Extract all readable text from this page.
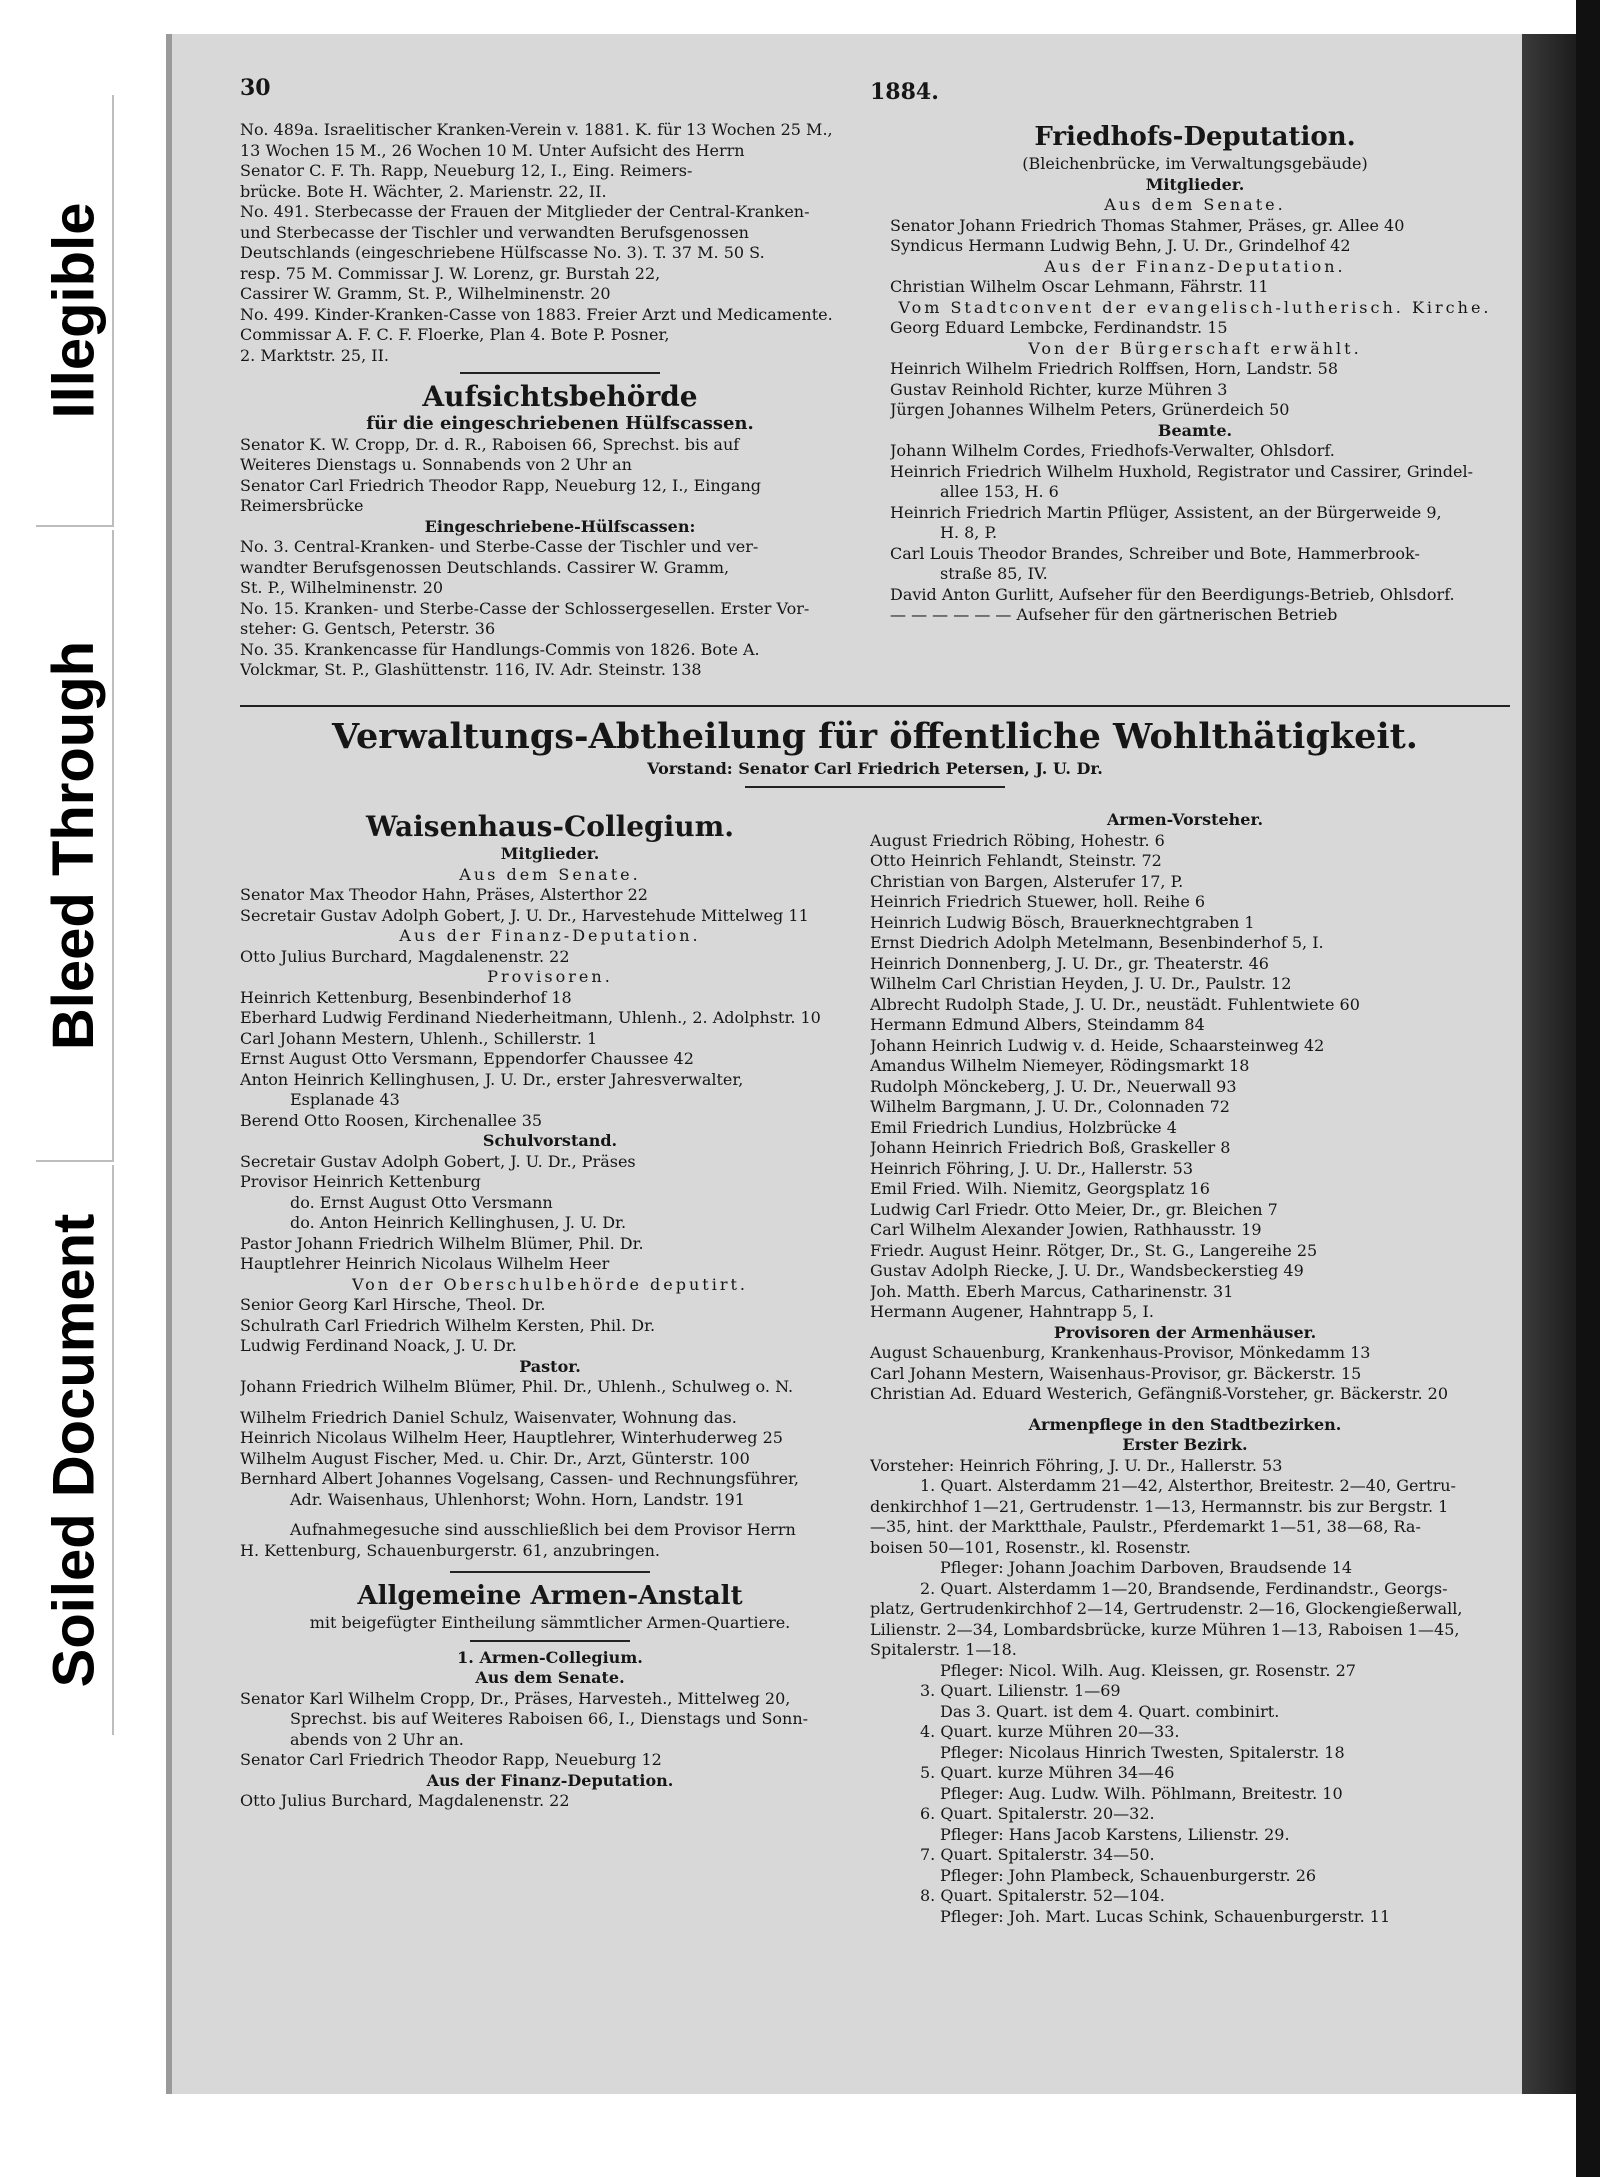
Illegible
Bleed Through
Soiled Document
30	1884.

No. 489a. Israelitischer Kranken-Verein v. 1881. K. für 13 Wochen 25 M.,

13 Wochen 15 M., 26 Wochen 10 M. Unter Aufsicht des Herrn

Senator C. F. Th. Rapp, Neueburg 12, I., Eing. Reimers-

brücke. Bote H. Wächter, 2. Marienstr. 22, II.

No. 491. Sterbecasse der Frauen der Mitglieder der Central-Kranken-

und Sterbecasse der Tischler und verwandten Berufsgenossen

Deutschlands (eingeschriebene Hülfscasse No. 3). T. 37 M. 50 S.

resp. 75 M. Commissar J. W. Lorenz, gr. Burstah 22,

Cassirer W. Gramm, St. P., Wilhelminenstr. 20

No. 499. Kinder-Kranken-Casse von 1883. Freier Arzt und Medicamente.

Commissar A. F. C. F. Floerke, Plan 4. Bote P. Posner,

2. Marktstr. 25, II.

Aufsichtsbehörde

für die eingeschriebenen Hülfscassen.

Senator K. W. Cropp, Dr. d. R., Raboisen 66, Sprechst. bis auf

Weiteres Dienstags u. Sonnabends von 2 Uhr an

Senator Carl Friedrich Theodor Rapp, Neueburg 12, I., Eingang

Reimersbrücke

Eingeschriebene-Hülfscassen:

No. 3. Central-Kranken- und Sterbe-Casse der Tischler und ver-

wandter Berufsgenossen Deutschlands. Cassirer W. Gramm,

St. P., Wilhelminenstr. 20

No. 15. Kranken- und Sterbe-Casse der Schlossergesellen. Erster Vor-

steher: G. Gentsch, Peterstr. 36

No. 35. Krankencasse für Handlungs-Commis von 1826. Bote A.

Volckmar, St. P., Glashüttenstr. 116, IV. Adr. Steinstr. 138

Friedhofs-Deputation.

(Bleichenbrücke, im Verwaltungsgebäude)

Mitglieder.

Aus dem Senate.

Senator Johann Friedrich Thomas Stahmer, Präses, gr. Allee 40

Syndicus Hermann Ludwig Behn, J. U. Dr., Grindelhof 42

Aus der Finanz-Deputation.

Christian Wilhelm Oscar Lehmann, Fährstr. 11

Vom Stadtconvent der evangelisch-lutherisch. Kirche.

Georg Eduard Lembcke, Ferdinandstr. 15

Von der Bürgerschaft erwählt.

Heinrich Wilhelm Friedrich Rolffsen, Horn, Landstr. 58

Gustav Reinhold Richter, kurze Mühren 3

Jürgen Johannes Wilhelm Peters, Grünerdeich 50

Beamte.

Johann Wilhelm Cordes, Friedhofs-Verwalter, Ohlsdorf.

Heinrich Friedrich Wilhelm Huxhold, Registrator und Cassirer, Grindel-

allee 153, H. 6

Heinrich Friedrich Martin Pflüger, Assistent, an der Bürgerweide 9,

H. 8, P.

Carl Louis Theodor Brandes, Schreiber und Bote, Hammerbrook-

straße 85, IV.

David Anton Gurlitt, Aufseher für den Beerdigungs-Betrieb, Ohlsdorf.

— — — — — — Aufseher für den gärtnerischen Betrieb

Verwaltungs-Abtheilung für öffentliche Wohlthätigkeit.

Vorstand: Senator Carl Friedrich Petersen, J. U. Dr.

Waisenhaus-Collegium.

Mitglieder.

Aus dem Senate.

Senator Max Theodor Hahn, Präses, Alsterthor 22

Secretair Gustav Adolph Gobert, J. U. Dr., Harvestehude Mittelweg 11

Aus der Finanz-Deputation.

Otto Julius Burchard, Magdalenenstr. 22

Provisoren.

Heinrich Kettenburg, Besenbinderhof 18

Eberhard Ludwig Ferdinand Niederheitmann, Uhlenh., 2. Adolphstr. 10

Carl Johann Mestern, Uhlenh., Schillerstr. 1

Ernst August Otto Versmann, Eppendorfer Chaussee 42

Anton Heinrich Kellinghusen, J. U. Dr., erster Jahresverwalter,

Esplanade 43

Berend Otto Roosen, Kirchenallee 35

Schulvorstand.

Secretair Gustav Adolph Gobert, J. U. Dr., Präses

Provisor Heinrich Kettenburg

do. Ernst August Otto Versmann

do. Anton Heinrich Kellinghusen, J. U. Dr.

Pastor Johann Friedrich Wilhelm Blümer, Phil. Dr.

Hauptlehrer Heinrich Nicolaus Wilhelm Heer

Von der Oberschulbehörde deputirt.

Senior Georg Karl Hirsche, Theol. Dr.

Schulrath Carl Friedrich Wilhelm Kersten, Phil. Dr.

Ludwig Ferdinand Noack, J. U. Dr.

Pastor.

Johann Friedrich Wilhelm Blümer, Phil. Dr., Uhlenh., Schulweg o. N.

Wilhelm Friedrich Daniel Schulz, Waisenvater, Wohnung das.

Heinrich Nicolaus Wilhelm Heer, Hauptlehrer, Winterhuderweg 25

Wilhelm August Fischer, Med. u. Chir. Dr., Arzt, Günterstr. 100

Bernhard Albert Johannes Vogelsang, Cassen- und Rechnungsführer,

Adr. Waisenhaus, Uhlenhorst; Wohn. Horn, Landstr. 191

Aufnahmegesuche sind ausschließlich bei dem Provisor Herrn

H. Kettenburg, Schauenburgerstr. 61, anzubringen.

Allgemeine Armen-Anstalt

mit beigefügter Eintheilung sämmtlicher Armen-Quartiere.

1. Armen-Collegium.

Aus dem Senate.

Senator Karl Wilhelm Cropp, Dr., Präses, Harvesteh., Mittelweg 20,

Sprechst. bis auf Weiteres Raboisen 66, I., Dienstags und Sonn-

abends von 2 Uhr an.

Senator Carl Friedrich Theodor Rapp, Neueburg 12

Aus der Finanz-Deputation.

Otto Julius Burchard, Magdalenenstr. 22

Armen-Vorsteher.

August Friedrich Röbing, Hohestr. 6

Otto Heinrich Fehlandt, Steinstr. 72

Christian von Bargen, Alsterufer 17, P.

Heinrich Friedrich Stuewer, holl. Reihe 6

Heinrich Ludwig Bösch, Brauerknechtgraben 1

Ernst Diedrich Adolph Metelmann, Besenbinderhof 5, I.

Heinrich Donnenberg, J. U. Dr., gr. Theaterstr. 46

Wilhelm Carl Christian Heyden, J. U. Dr., Paulstr. 12

Albrecht Rudolph Stade, J. U. Dr., neustädt. Fuhlentwiete 60

Hermann Edmund Albers, Steindamm 84

Johann Heinrich Ludwig v. d. Heide, Schaarsteinweg 42

Amandus Wilhelm Niemeyer, Rödingsmarkt 18

Rudolph Mönckeberg, J. U. Dr., Neuerwall 93

Wilhelm Bargmann, J. U. Dr., Colonnaden 72

Emil Friedrich Lundius, Holzbrücke 4

Johann Heinrich Friedrich Boß, Graskeller 8

Heinrich Föhring, J. U. Dr., Hallerstr. 53

Emil Fried. Wilh. Niemitz, Georgsplatz 16

Ludwig Carl Friedr. Otto Meier, Dr., gr. Bleichen 7

Carl Wilhelm Alexander Jowien, Rathhausstr. 19

Friedr. August Heinr. Rötger, Dr., St. G., Langereihe 25

Gustav Adolph Riecke, J. U. Dr., Wandsbeckerstieg 49

Joh. Matth. Eberh Marcus, Catharinenstr. 31

Hermann Augener, Hahntrapp 5, I.

Provisoren der Armenhäuser.

August Schauenburg, Krankenhaus-Provisor, Mönkedamm 13

Carl Johann Mestern, Waisenhaus-Provisor, gr. Bäckerstr. 15

Christian Ad. Eduard Westerich, Gefängniß-Vorsteher, gr. Bäckerstr. 20

Armenpflege in den Stadtbezirken.

Erster Bezirk.

Vorsteher: Heinrich Föhring, J. U. Dr., Hallerstr. 53

1. Quart. Alsterdamm 21—42, Alsterthor, Breitestr. 2—40, Gertru-

denkirchhof 1—21, Gertrudenstr. 1—13, Hermannstr. bis zur Bergstr. 1

—35, hint. der Marktthale, Paulstr., Pferdemarkt 1—51, 38—68, Ra-

boisen 50—101, Rosenstr., kl. Rosenstr.

Pfleger: Johann Joachim Darboven, Braudsende 14

2. Quart. Alsterdamm 1—20, Brandsende, Ferdinandstr., Georgs-

platz, Gertrudenkirchhof 2—14, Gertrudenstr. 2—16, Glockengießerwall,

Lilienstr. 2—34, Lombardsbrücke, kurze Mühren 1—13, Raboisen 1—45,

Spitalerstr. 1—18.

Pfleger: Nicol. Wilh. Aug. Kleissen, gr. Rosenstr. 27

3. Quart. Lilienstr. 1—69

Das 3. Quart. ist dem 4. Quart. combinirt.

4. Quart. kurze Mühren 20—33.

Pfleger: Nicolaus Hinrich Twesten, Spitalerstr. 18

5. Quart. kurze Mühren 34—46

Pfleger: Aug. Ludw. Wilh. Pöhlmann, Breitestr. 10

6. Quart. Spitalerstr. 20—32.

Pfleger: Hans Jacob Karstens, Lilienstr. 29.

7. Quart. Spitalerstr. 34—50.

Pfleger: John Plambeck, Schauenburgerstr. 26

8. Quart. Spitalerstr. 52—104.

Pfleger: Joh. Mart. Lucas Schink, Schauenburgerstr. 11
